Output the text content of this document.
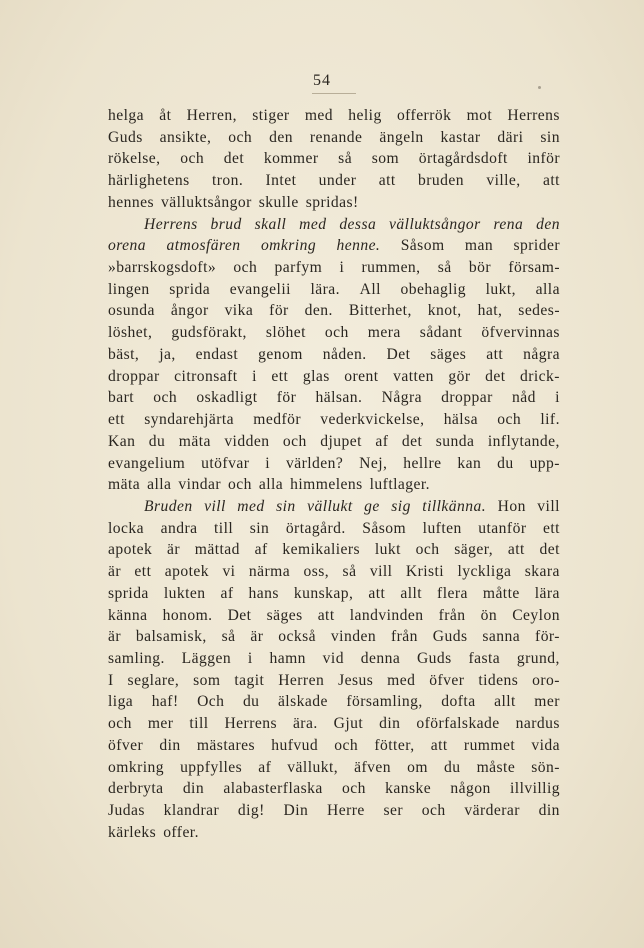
54
helga åt Herren, stiger med helig offerrök mot Herrens
Guds ansikte, och den renande ängeln kastar däri sin
rökelse, och det kommer så som örtagårdsdoft inför
härlighetens tron. Intet under att bruden ville, att
hennes välluktsångor skulle spridas!
Herrens brud skall med dessa välluktsångor rena den
orena atmosfären omkring henne. Såsom man sprider
»barrskogsdoft» och parfym i rummen, så bör försam-
lingen sprida evangelii lära. All obehaglig lukt, alla
osunda ångor vika för den. Bitterhet, knot, hat, sedes-
löshet, gudsförakt, slöhet och mera sådant öfvervinnas
bäst, ja, endast genom nåden. Det säges att några
droppar citronsaft i ett glas orent vatten gör det drick-
bart och oskadligt för hälsan. Några droppar nåd i
ett syndarehjärta medför vederkvickelse, hälsa och lif.
Kan du mäta vidden och djupet af det sunda inflytande,
evangelium utöfvar i världen? Nej, hellre kan du upp-
mäta alla vindar och alla himmelens luftlager.
Bruden vill med sin vällukt ge sig tillkänna. Hon vill
locka andra till sin örtagård. Såsom luften utanför ett
apotek är mättad af kemikaliers lukt och säger, att det
är ett apotek vi närma oss, så vill Kristi lyckliga skara
sprida lukten af hans kunskap, att allt flera måtte lära
känna honom. Det säges att landvinden från ön Ceylon
är balsamisk, så är också vinden från Guds sanna för-
samling. Läggen i hamn vid denna Guds fasta grund,
I seglare, som tagit Herren Jesus med öfver tidens oro-
liga haf! Och du älskade församling, dofta allt mer
och mer till Herrens ära. Gjut din oförfalskade nardus
öfver din mästares hufvud och fötter, att rummet vida
omkring uppfylles af vällukt, äfven om du måste sön-
derbryta din alabasterflaska och kanske någon illvillig
Judas klandrar dig! Din Herre ser och värderar din
kärleks offer.
